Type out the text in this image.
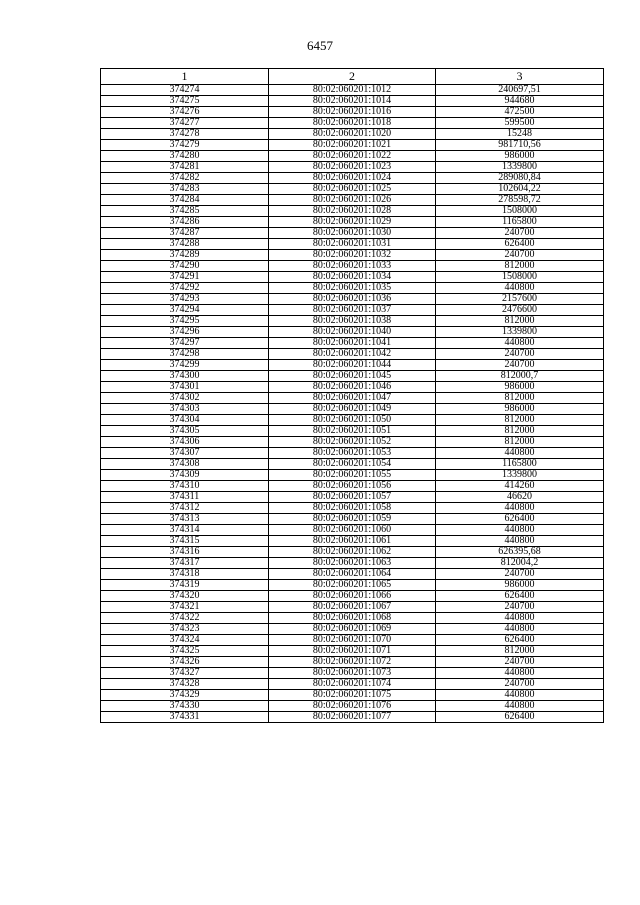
6457
1	2	3
374274	80:02:060201:1012	240697,51
374275	80:02:060201:1014	944680
374276	80:02:060201:1016	472500
374277	80:02:060201:1018	599500
374278	80:02:060201:1020	15248
374279	80:02:060201:1021	981710,56
374280	80:02:060201:1022	986000
374281	80:02:060201:1023	1339800
374282	80:02:060201:1024	289080,84
374283	80:02:060201:1025	102604,22
374284	80:02:060201:1026	278598,72
374285	80:02:060201:1028	1508000
374286	80:02:060201:1029	1165800
374287	80:02:060201:1030	240700
374288	80:02:060201:1031	626400
374289	80:02:060201:1032	240700
374290	80:02:060201:1033	812000
374291	80:02:060201:1034	1508000
374292	80:02:060201:1035	440800
374293	80:02:060201:1036	2157600
374294	80:02:060201:1037	2476600
374295	80:02:060201:1038	812000
374296	80:02:060201:1040	1339800
374297	80:02:060201:1041	440800
374298	80:02:060201:1042	240700
374299	80:02:060201:1044	240700
374300	80:02:060201:1045	812000,7
374301	80:02:060201:1046	986000
374302	80:02:060201:1047	812000
374303	80:02:060201:1049	986000
374304	80:02:060201:1050	812000
374305	80:02:060201:1051	812000
374306	80:02:060201:1052	812000
374307	80:02:060201:1053	440800
374308	80:02:060201:1054	1165800
374309	80:02:060201:1055	1339800
374310	80:02:060201:1056	414260
374311	80:02:060201:1057	46620
374312	80:02:060201:1058	440800
374313	80:02:060201:1059	626400
374314	80:02:060201:1060	440800
374315	80:02:060201:1061	440800
374316	80:02:060201:1062	626395,68
374317	80:02:060201:1063	812004,2
374318	80:02:060201:1064	240700
374319	80:02:060201:1065	986000
374320	80:02:060201:1066	626400
374321	80:02:060201:1067	240700
374322	80:02:060201:1068	440800
374323	80:02:060201:1069	440800
374324	80:02:060201:1070	626400
374325	80:02:060201:1071	812000
374326	80:02:060201:1072	240700
374327	80:02:060201:1073	440800
374328	80:02:060201:1074	240700
374329	80:02:060201:1075	440800
374330	80:02:060201:1076	440800
374331	80:02:060201:1077	626400
